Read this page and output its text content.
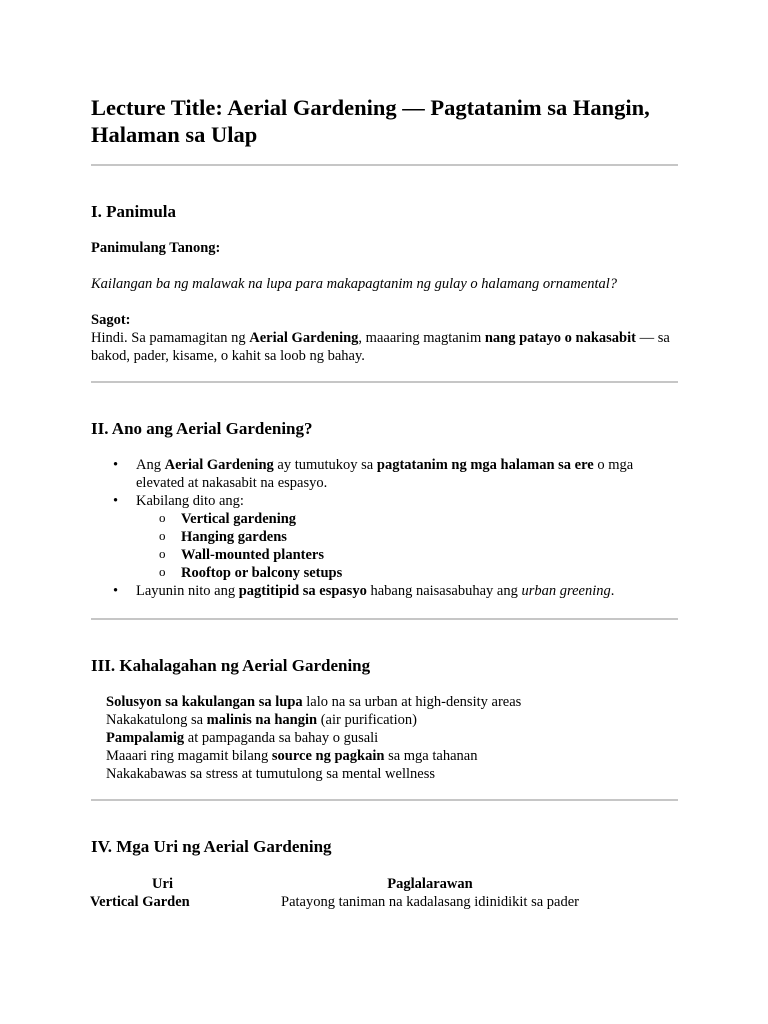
Lecture Title: Aerial Gardening — Pagtatanim sa Hangin, Halaman sa Ulap
I. Panimula

Panimulang Tanong:

Kailangan ba ng malawak na lupa para makapagtanim ng gulay o halamang ornamental?

Sagot:

Hindi. Sa pamamagitan ng Aerial Gardening, maaaring magtanim nang patayo o nakasabit — sa bakod, pader, kisame, o kahit sa loob ng bahay.

II. Ano ang Aerial Gardening?
• Ang Aerial Gardening ay tumutukoy sa pagtatanim ng mga halaman sa ere o mga elevated at nakasabit na espasyo.
• Kabilang dito ang:
o Vertical gardening
o Hanging gardens
o Wall-mounted planters
o Rooftop or balcony setups
• Layunin nito ang pagtitipid sa espasyo habang naisasabuhay ang urban greening.
III. Kahalagahan ng Aerial Gardening

Solusyon sa kakulangan sa lupa lalo na sa urban at high-density areas

Nakakatulong sa malinis na hangin (air purification)

Pampalamig at pampaganda sa bahay o gusali

Maaari ring magamit bilang source ng pagkain sa mga tahanan

Nakakabawas sa stress at tumutulong sa mental wellness

IV. Mga Uri ng Aerial Gardening
Uri	Paglalarawan
Vertical Garden	Patayong taniman na kadalasang idinidikit sa pader
